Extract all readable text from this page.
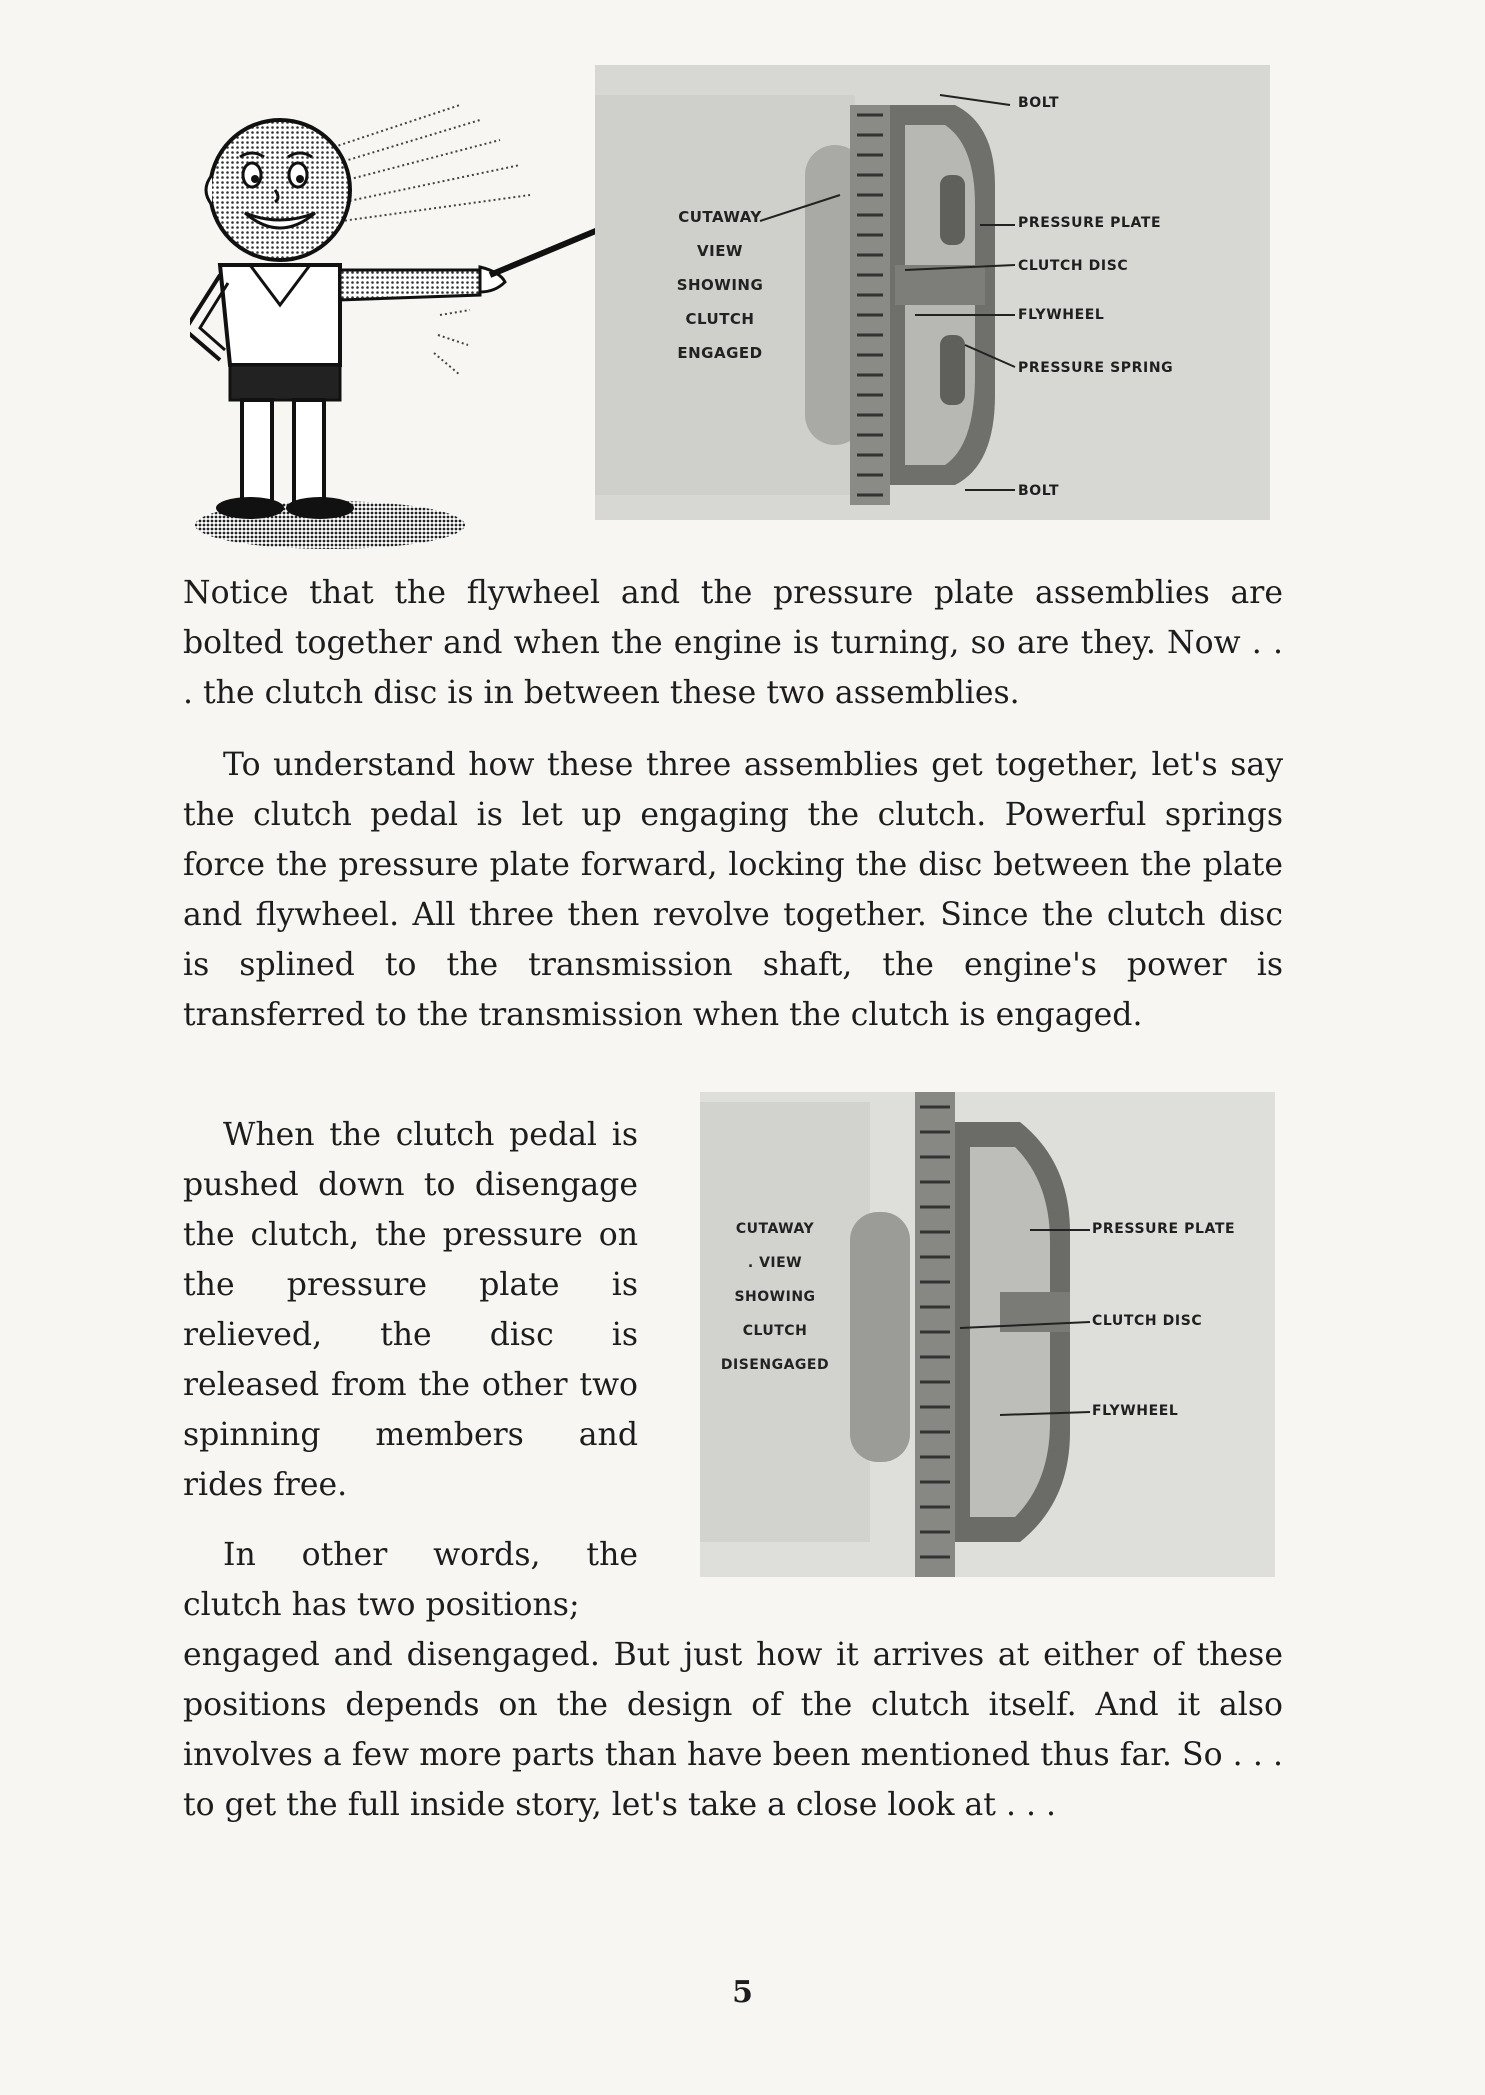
CUTAWAY
VIEW
SHOWING
CLUTCH
ENGAGED
BOLT
PRESSURE PLATE
CLUTCH DISC
FLYWHEEL
PRESSURE SPRING
BOLT

Notice that the flywheel and the pressure plate assemblies are bolted together and when the engine is turning, so are they. Now . . . the clutch disc is in between these two assemblies.

To understand how these three assemblies get together, let's say the clutch pedal is let up engaging the clutch. Powerful springs force the pressure plate forward, locking the disc between the plate and flywheel. All three then revolve together. Since the clutch disc is splined to the transmission shaft, the engine's power is transferred to the transmission when the clutch is engaged.

CUTAWAY
. VIEW
SHOWING
CLUTCH
DISENGAGED
PRESSURE PLATE
CLUTCH DISC
FLYWHEEL

When the clutch pedal is pushed down to disengage the clutch, the pressure on the pressure plate is relieved, the disc is released from the other two spinning members and rides free.

In other words, the clutch has two positions;

engaged and disengaged. But just how it arrives at either of these positions depends on the design of the clutch itself. And it also involves a few more parts than have been mentioned thus far. So . . . to get the full inside story, let's take a close look at . . .

5
